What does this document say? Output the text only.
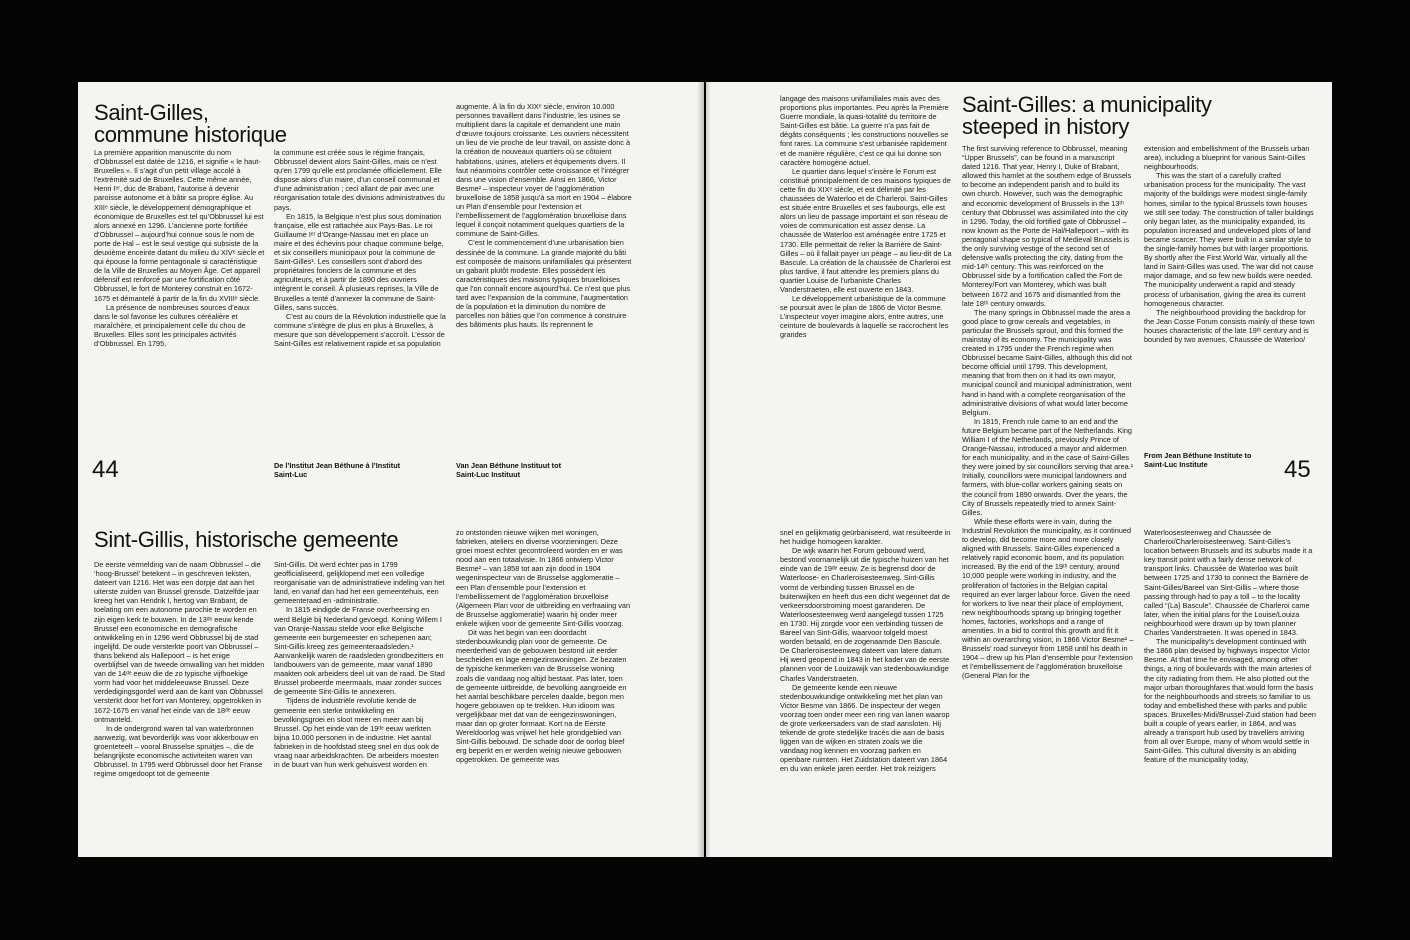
Saint-Gilles,
commune historique

La première apparition manuscrite du nom d’Obbrussel est datée de 1216, et signifie « le haut-Bruxelles ». Il s’agit d’un petit village accolé à l’extrémité sud de Bruxelles. Cette même année, Henri Iᵉʳ, duc de Brabant, l’autorise à devenir paroisse autonome et à bâtir sa propre église. Au XIIIᵉ siècle, le développement démographique et économique de Bruxelles est tel qu’Obbrussel lui est alors annexé en 1296. L’ancienne porte fortifiée d’Obbrussel – aujourd’hui connue sous le nom de porte de Hal – est le seul vestige qui subsiste de la deuxième enceinte datant du milieu du XIVᵉ siècle et qui épouse la forme pentagonale si caractéristique de la Ville de Bruxelles au Moyen Âge. Cet appareil défensif est renforcé par une fortification côté Obbrussel, le fort de Monterey construit en 1672-1675 et démantelé à partir de la fin du XVIIIᵉ siècle.

La présence de nombreuses sources d’eaux dans le sol favorise les cultures céréalière et maraîchère, et principalement celle du chou de Bruxelles. Elles sont les principales activités d’Obbrussel. En 1795,

la commune est créée sous le régime français, Obbrussel devient alors Saint-Gilles, mais ce n’est qu’en 1799 qu’elle est proclamée officiellement. Elle dispose alors d’un maire, d’un conseil communal et d’une administration ; ceci allant de pair avec une réorganisation totale des divisions administratives du pays.

En 1815, la Belgique n’est plus sous domination française, elle est rattachée aux Pays-Bas. Le roi Guillaume Iᵉʳ d’Orange-Nassau met en place un maire et des échevins pour chaque commune belge, et six conseillers municipaux pour la commune de Saint-Gilles¹. Les conseillers sont d’abord des propriétaires fonciers de la commune et des agriculteurs, et à partir de 1890 des ouvriers intègrent le conseil. À plusieurs reprises, la Ville de Bruxelles a tenté d’annexer la commune de Saint-Gilles, sans succès.

C’est au cours de la Révolution industrielle que la commune s’intègre de plus en plus à Bruxelles, à mesure que son développement s’accroît. L’essor de Saint-Gilles est relativement rapide et sa population

augmente. À la fin du XIXᵉ siècle, environ 10.000 personnes travaillent dans l’industrie, les usines se multiplient dans la capitale et demandent une main d’œuvre toujours croissante. Les ouvriers nécessitent un lieu de vie proche de leur travail, on assiste donc à la création de nouveaux quartiers où se côtoient habitations, usines, ateliers et équipements divers. Il faut néanmoins contrôler cette croissance et l’intégrer dans une vision d’ensemble. Ainsi en 1866, Victor Besme² – inspecteur voyer de l’agglomération bruxelloise de 1858 jusqu’à sa mort en 1904 – élabore un Plan d’ensemble pour l’extension et l’embellissement de l’agglomération bruxelloise dans lequel il conçoit notamment quelques quartiers de la commune de Saint-Gilles.

C’est le commencement d’une urbanisation bien dessinée de la commune. La grande majorité du bâti est composée de maisons unifamiliales qui présentent un gabarit plutôt modeste. Elles possèdent les caractéristiques des maisons typiques bruxelloises que l’on connaît encore aujourd’hui. Ce n’est que plus tard avec l’expansion de la commune, l’augmentation de la population et la diminution du nombre de parcelles non bâties que l’on commence à construire des bâtiments plus hauts. Ils reprennent le

44	De l’Institut Jean Béthune à l’Institut Saint-Luc
Van Jean Béthune Instituut tot Saint-Luc Instituut
Sint-Gillis, historische gemeente

De eerste vermelding van de naam Obbrussel – die ‘hoog-Brussel’ betekent – in geschreven teksten, dateert van 1216. Het was een dorpje dat aan het uiterste zuiden van Brussel grensde. Datzelfde jaar kreeg het van Hendrik I, hertog van Brabant, de toelating om een autonome parochie te worden en zijn eigen kerk te bouwen. In de 13ᵈᵉ eeuw kende Brussel een economische en demografische ontwikkeling en in 1296 werd Obbrussel bij de stad ingelijfd. De oude versterkte poort van Obbrussel – thans bekend als Hallepoort – is het enige overblijfsel van de tweede omwalling van het midden van de 14ᵈᵉ eeuw die de zo typische vijfhoekige vorm had voor het middeleeuwse Brussel. Deze verdedigingsgordel werd aan de kant van Obbrussel versterkt door het fort van Monterey, opgetrokken in 1672-1675 en vanaf het einde van de 18ᵈᵉ eeuw ontmanteld.

In de ondergrond waren tal van waterbronnen aanwezig, wat bevorderlijk was voor akkerbouw en groenteteelt – vooral Brusselse spruitjes –, die de belangrijkste economische activiteiten waren van Obbrussel. In 1795 werd Obbrussel door het Franse regime omgedoopt tot de gemeente

Sint-Gillis. Dit werd echter pas in 1799 geofficialiseerd, gelijklopend met een volledige reorganisatie van de administratieve indeling van het land, en vanaf dan had het een gemeentehuis, een gemeenteraad en -administratie.

In 1815 eindigde de Franse overheersing en werd België bij Nederland gevoegd. Koning Willem I van Oranje-Nassau stelde voor elke Belgische gemeente een burgemeester en schepenen aan; Sint-Gillis kreeg zes gemeenteraadsleden.¹ Aanvankelijk waren de raadsleden grondbezitters en landbouwers van de gemeente, maar vanaf 1890 maakten ook arbeiders deel uit van de raad. De Stad Brussel probeerde meermaals, maar zonder succes de gemeente Sint-Gillis te annexeren.

Tijdens de industriële revolutie kende de gemeente een sterke ontwikkeling en bevolkingsgroei en sloot meer en meer aan bij Brussel. Op het einde van de 19ᵈᵉ eeuw werkten bijna 10.000 personen in de industrie. Het aantal fabrieken in de hoofdstad steeg snel en dus ook de vraag naar arbeidskrachten. De arbeiders moesten in de buurt van hun werk gehuisvest worden en

zo ontstonden nieuwe wijken met woningen, fabrieken, ateliers en diverse voorzieningen. Deze groei moest echter gecontroleerd worden en er was nood aan een totaalvisie. In 1866 ontwierp Victor Besme² – van 1858 tot aan zijn dood in 1904 wegeninspecteur van de Brusselse agglomeratie – een Plan d’ensemble pour l’extension et l’embellissement de l’agglomération bruxelloise (Algemeen Plan voor de uitbreiding en verfraaiing van de Brusselse agglomeratie) waarin hij onder meer enkele wijken voor de gemeente Sint-Gillis voorzag.

Dit was het begin van een doordacht stedenbouwkundig plan voor de gemeente. De meerderheid van de gebouwen bestond uit eerder bescheiden en lage eengezinswoningen. Ze bezaten de typische kenmerken van de Brusselse woning zoals die vandaag nog altijd bestaat. Pas later, toen de gemeente uitbreidde, de bevolking aangroeide en het aantal beschikbare percelen daalde, begon men hogere gebouwen op te trekken. Hun idioom was vergelijkbaar met dat van de eengezinswoningen, maar dan op groter formaat. Kort na de Eerste Wereldoorlog was vrijwel het hele grondgebied van Sint-Gillis bebouwd. De schade door de oorlog bleef erg beperkt en er werden weinig nieuwe gebouwen opgetrokken. De gemeente was

langage des maisons unifamiliales mais avec des proportions plus importantes. Peu après la Première Guerre mondiale, la quasi-totalité du territoire de Saint-Gilles est bâtie. La guerre n’a pas fait de dégâts conséquents ; les constructions nouvelles se font rares. La commune s’est urbanisée rapidement et de manière régulière, c’est ce qui lui donne son caractère homogène actuel.

Le quartier dans lequel s’insère le Forum est constitué principalement de ces maisons typiques de cette fin du XIXᵉ siècle, et est délimité par les chaussées de Waterloo et de Charleroi. Saint-Gilles est située entre Bruxelles et ses faubourgs, elle est alors un lieu de passage important et son réseau de voies de communication est assez dense. La chaussée de Waterloo est aménagée entre 1725 et 1730. Elle permettait de relier la Barrière de Saint-Gilles – où il fallait payer un péage – au lieu-dit de La Bascule. La création de la chaussée de Charleroi est plus tardive, il faut attendre les premiers plans du quartier Louise de l’urbaniste Charles Vanderstraeten, elle est ouverte en 1843.

Le développement urbanistique de la commune se poursuit avec le plan de 1866 de Victor Besme. L’inspecteur voyer imagine alors, entre autres, une ceinture de boulevards à laquelle se raccrochent les grandes

Saint-Gilles: a municipality
steeped in history

The first surviving reference to Obbrussel, meaning “Upper Brussels”, can be found in a manuscript dated 1216. That year, Henry I, Duke of Brabant, allowed this hamlet at the southern edge of Brussels to become an independent parish and to build its own church. However, such was the demographic and economic development of Brussels in the 13ᵗʰ century that Obbrussel was assimilated into the city in 1296. Today, the old fortified gate of Obbrussel – now known as the Porte de Hal/Hallepoort – with its pentagonal shape so typical of Medieval Brussels is the only surviving vestige of the second set of defensive walls protecting the city, dating from the mid-14ᵗʰ century. This was reinforced on the Obbrussel side by a fortification called the Fort de Monterey/Fort van Monterey, which was built between 1672 and 1675 and dismantled from the late 18ᵗʰ century onwards.

The many springs in Obbrussel made the area a good place to grow cereals and vegetables, in particular the Brussels sprout, and this formed the mainstay of its economy. The municipality was created in 1795 under the French regime when Obbrussel became Saint-Gilles, although this did not become official until 1799. This development, meaning that from then on it had its own mayor, municipal council and municipal administration, went hand in hand with a complete reorganisation of the administrative divisions of what would later become Belgium.

In 1815, French rule came to an end and the future Belgium became part of the Netherlands. King William I of the Netherlands, previously Prince of Orange-Nassau, introduced a mayor and aldermen for each municipality, and in the case of Saint-Gilles they were joined by six councillors serving that area.¹ Initially, councillors were municipal landowners and farmers, with blue-collar workers gaining seats on the council from 1890 onwards. Over the years, the City of Brussels repeatedly tried to annex Saint-Gilles.

While these efforts were in vain, during the Industrial Revolution the municipality, as it continued to develop, did become more and more closely aligned with Brussels. Saint-Gilles experienced a relatively rapid economic boom, and its population increased. By the end of the 19ᵗʰ century, around 10,000 people were working in industry, and the proliferation of factories in the Belgian capital required an ever larger labour force. Given the need for workers to live near their place of employment, new neighbourhoods sprang up bringing together homes, factories, workshops and a range of amenities. In a bid to control this growth and fit it within an overarching vision, in 1866 Victor Besme² – Brussels’ road surveyor from 1858 until his death in 1904 – drew up his Plan d’ensemble pour l’extension et l’embellissement de l’agglomération bruxelloise (General Plan for the

extension and embellishment of the Brussels urban area), including a blueprint for various Saint-Gilles neighbourhoods.

This was the start of a carefully crafted urbanisation process for the municipality. The vast majority of the buildings were modest single-family homes, similar to the typical Brussels town houses we still see today. The construction of taller buildings only began later, as the municipality expanded, its population increased and undeveloped plots of land became scarcer. They were built in a similar style to the single-family homes but with larger proportions. By shortly after the First World War, virtually all the land in Saint-Gilles was used. The war did not cause major damage, and so few new builds were needed. The municipality underwent a rapid and steady process of urbanisation, giving the area its current homogeneous character.

The neighbourhood providing the backdrop for the Jean Cosse Forum consists mainly of these town houses characteristic of the late 19ᵗʰ century and is bounded by two avenues, Chaussée de Waterloo/

From Jean Béthune Institute to Saint-Luc Institute	45

snel en gelijkmatig geürbaniseerd, wat resulteerde in het huidige homogeen karakter.

De wijk waarin het Forum gebouwd werd, bestond voornamelijk uit die typische huizen van het einde van de 19ᵈᵉ eeuw. Ze is begrensd door de Waterloose- en Charleroisesteenweg. Sint-Gillis vormt de verbinding tussen Brussel en de buitenwijken en heeft dus een dicht wegennet dat de verkeersdoorstroming moest garanderen. De Waterloosesteenweg werd aangelegd tussen 1725 en 1730. Hij zorgde voor een verbinding tussen de Bareel van Sint-Gillis, waarvoor tolgeld moest worden betaald, en de zogenaamde Den Bascule. De Charleroisesteenweg dateert van latere datum. Hij werd geopend in 1843 in het kader van de eerste plannen voor de Louizawijk van stedenbouwkundige Charles Vanderstraeten.

De gemeente kende een nieuwe stedenbouwkundige ontwikkeling met het plan van Victor Besme van 1866. De inspecteur der wegen voorzag toen onder meer een ring van lanen waarop de grote verkeersaders van de stad aansloten. Hij tekende de grote stedelijke tracés die aan de basis liggen van de wijken en straten zoals we die vandaag nog kennen en voorzag parken en openbare ruimten. Het Zuidstation dateert van 1864 en du van enkele jaren eerder. Het trok reizigers

Waterloosesteenweg and Chaussée de Charleroi/Charleroisesteenweg. Saint-Gilles’s location between Brussels and its suburbs made it a key transit point with a fairly dense network of transport links. Chaussée de Waterloo was built between 1725 and 1730 to connect the Barrière de Saint-Gilles/Bareel van Sint-Gillis – where those passing through had to pay a toll – to the locality called “(La) Bascule”. Chaussée de Charleroi came later, when the initial plans for the Louise/Louiza neighbourhood were drawn up by town planner Charles Vanderstraeten. It was opened in 1843.

The municipality’s development continued with the 1866 plan devised by highways inspector Victor Besme. At that time he envisaged, among other things, a ring of boulevards with the main arteries of the city radiating from them. He also plotted out the major urban thoroughfares that would form the basis for the neighbourhoods and streets so familiar to us today and embellished these with parks and public spaces. Bruxelles-Midi/Brussel-Zuid station had been built a couple of years earlier, in 1864, and was already a transport hub used by travellers arriving from all over Europe, many of whom would settle in Saint-Gilles. This cultural diversity is an abiding feature of the municipality today,
